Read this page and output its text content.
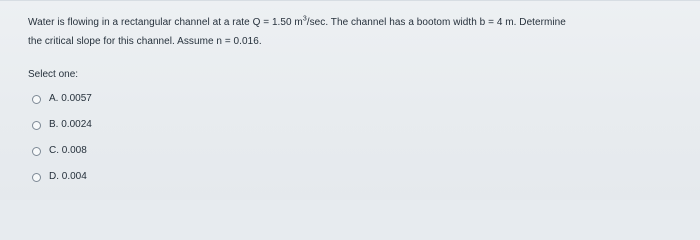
Water is flowing in a rectangular channel at a rate Q = 1.50 $m^3/\sec$. The channel has a bootom width b = 4 m. Determine
the critical slope for this channel. Assume n = 0.016.
Select one:
A. 0.0057
B. 0.0024
C. 0.008
D. 0.004
